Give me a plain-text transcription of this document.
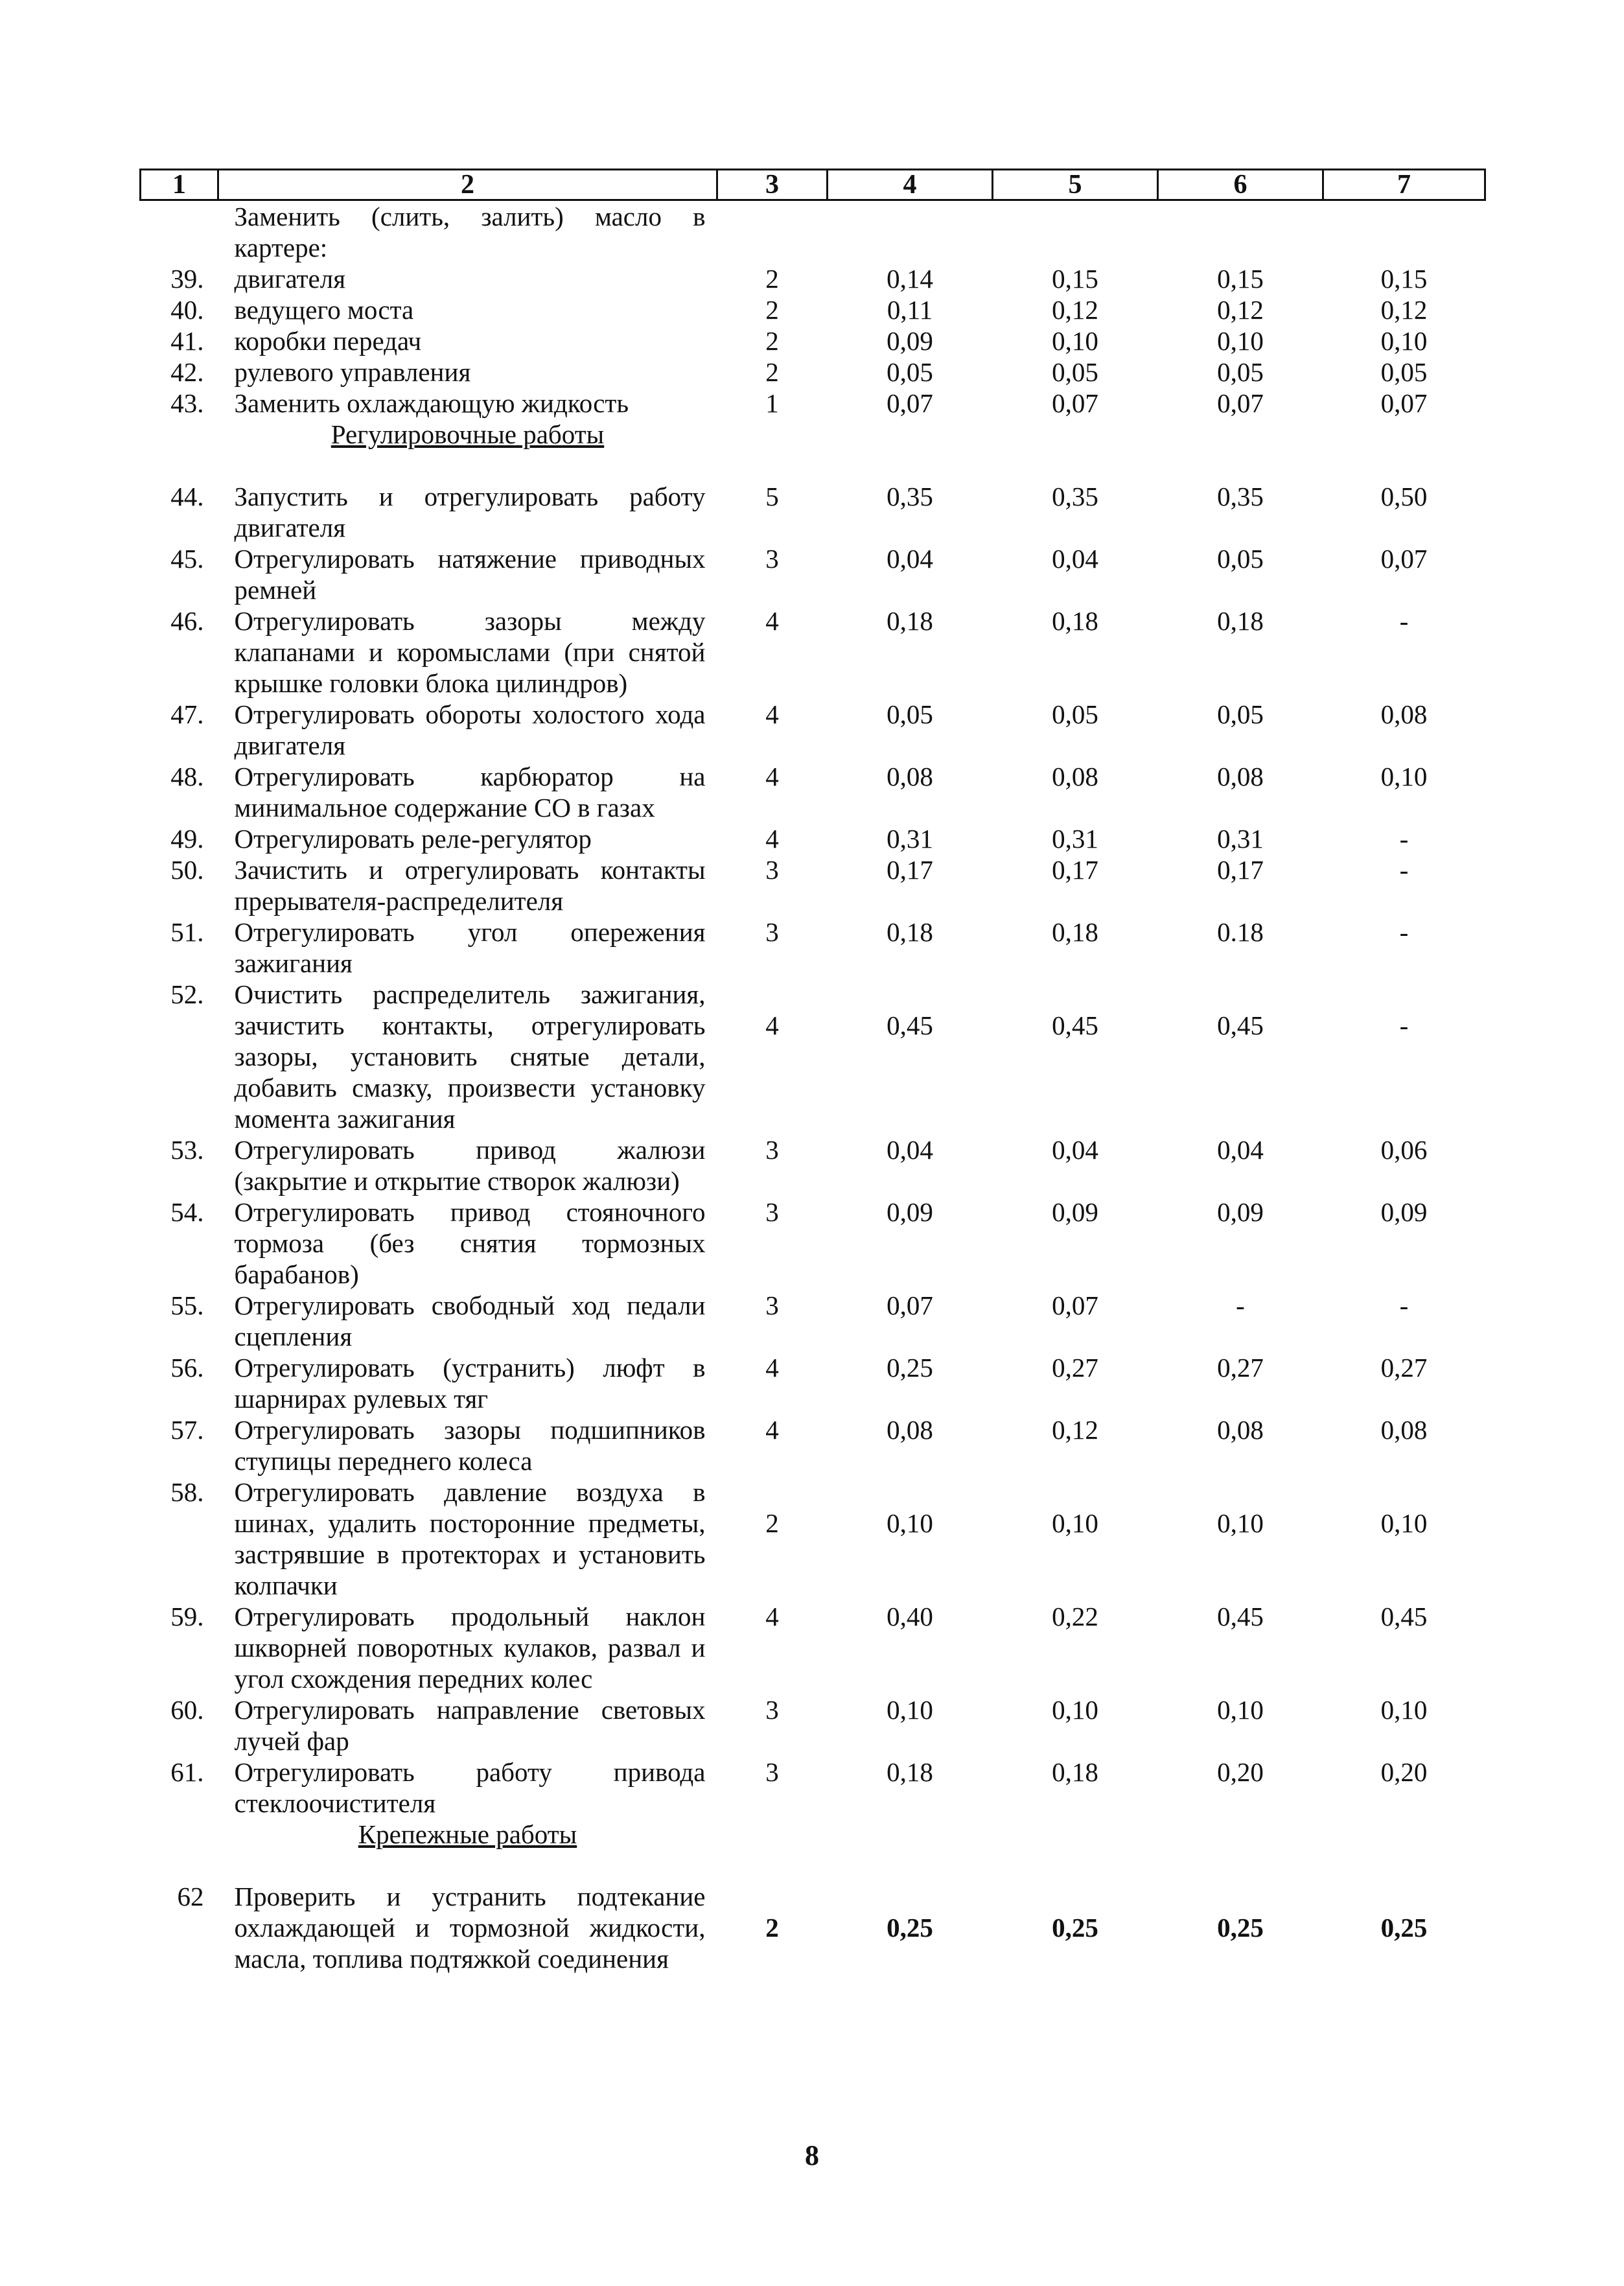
1	2	3	4	5	6	7
	Заменить (слить, залить) масло в картере:					
39.	двигателя	2	0,14	0,15	0,15	0,15
40.	ведущего моста	2	0,11	0,12	0,12	0,12
41.	коробки передач	2	0,09	0,10	0,10	0,10
42.	рулевого управления	2	0,05	0,05	0,05	0,05
43.	Заменить охлаждающую жидкость	1	0,07	0,07	0,07	0,07
	Регулировочные работы					
44.	Запустить и отрегулировать работу двигателя	5	0,35	0,35	0,35	0,50
45.	Отрегулировать натяжение приводных ремней	3	0,04	0,04	0,05	0,07
46.	Отрегулировать зазоры между клапанами и коромыслами (при снятой крышке головки блока цилиндров)	4	0,18	0,18	0,18	-
47.	Отрегулировать обороты холостого хода двигателя	4	0,05	0,05	0,05	0,08
48.	Отрегулировать карбюратор на минимальное содержание СО в газах	4	0,08	0,08	0,08	0,10
49.	Отрегулировать реле-регулятор	4	0,31	0,31	0,31	-
50.	Зачистить и отрегулировать контакты прерывателя-распределителя	3	0,17	0,17	0,17	-
51.	Отрегулировать угол опережения зажигания	3	0,18	0,18	0.18	-
52.	Очистить распределитель зажигания, зачистить контакты, отрегулировать зазоры, установить снятые детали, добавить смазку, произвести установку момента зажигания	4	0,45	0,45	0,45	-
53.	Отрегулировать привод жалюзи (закрытие и открытие створок жалюзи)	3	0,04	0,04	0,04	0,06
54.	Отрегулировать привод стояночного тормоза (без снятия тормозных барабанов)	3	0,09	0,09	0,09	0,09
55.	Отрегулировать свободный ход педали сцепления	3	0,07	0,07	-	-
56.	Отрегулировать (устранить) люфт в шарнирах рулевых тяг	4	0,25	0,27	0,27	0,27
57.	Отрегулировать зазоры подшипников ступицы переднего колеса	4	0,08	0,12	0,08	0,08
58.	Отрегулировать давление воздуха в шинах, удалить посторонние предметы, застрявшие в протекторах и установить колпачки	2	0,10	0,10	0,10	0,10
59.	Отрегулировать продольный наклон шкворней поворотных кулаков, развал и угол схождения передних колес	4	0,40	0,22	0,45	0,45
60.	Отрегулировать направление световых лучей фар	3	0,10	0,10	0,10	0,10
61.	Отрегулировать работу привода стеклоочистителя	3	0,18	0,18	0,20	0,20
	Крепежные работы					
62	Проверить и устранить подтекание охлаждающей и тормозной жидкости, масла, топлива подтяжкой соединения	2	0,25	0,25	0,25	0,25
8
